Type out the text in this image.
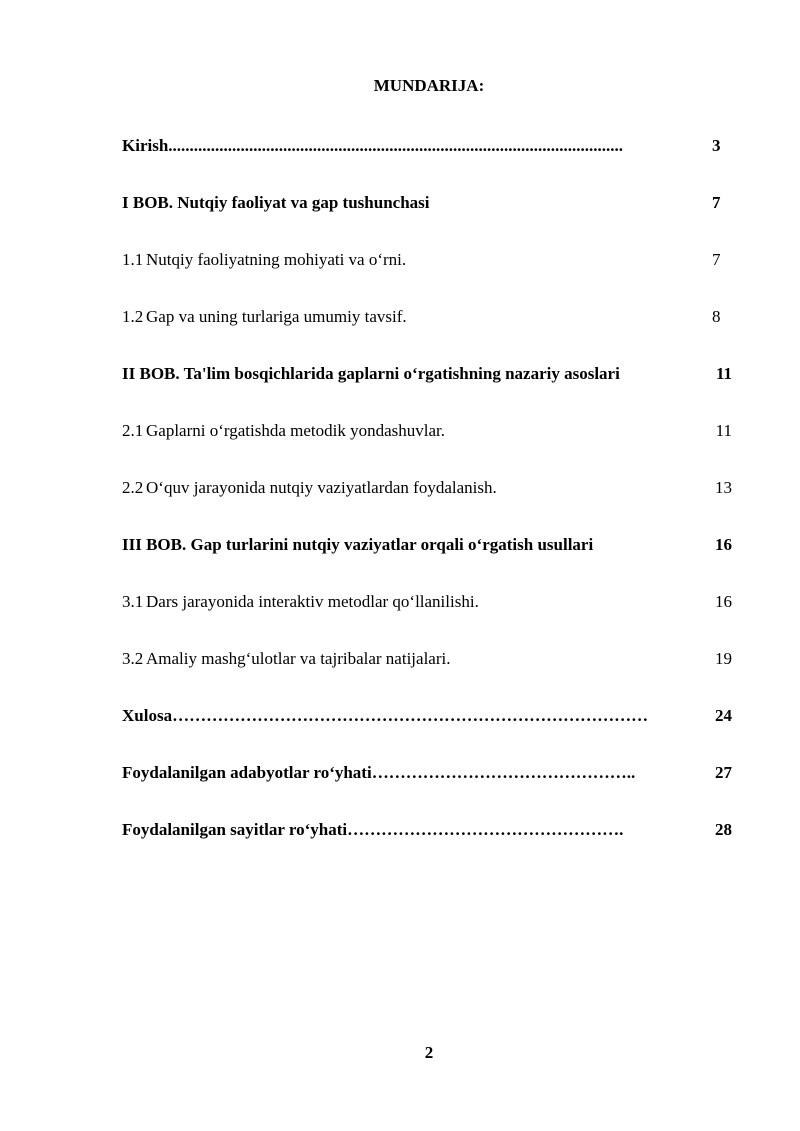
MUNDARIJA:
Kirish...........................................................................................................	3
I BOB. Nutqiy faoliyat va gap tushunchasi	7
1.1 Nutqiy faoliyatning mohiyati va o‘rni.	7
1.2 Gap va uning turlariga umumiy tavsif.	8
II BOB. Ta'lim bosqichlarida gaplarni o‘rgatishning nazariy asoslari	11
2.1 Gaplarni o‘rgatishda metodik yondashuvlar.	11
2.2 O‘quv jarayonida nutqiy vaziyatlardan foydalanish.	13
III BOB. Gap turlarini nutqiy vaziyatlar orqali o‘rgatish usullari	16
3.1 Dars jarayonida interaktiv metodlar qo‘llanilishi.	16
3.2 Amaliy mashg‘ulotlar va tajribalar natijalari.	19
Xulosa…………………………………………………………………………	24
Foydalanilgan adabyotlar ro‘yhati………………………………………..	27
Foydalanilgan sayitlar ro‘yhati………………………………………….	28
2
